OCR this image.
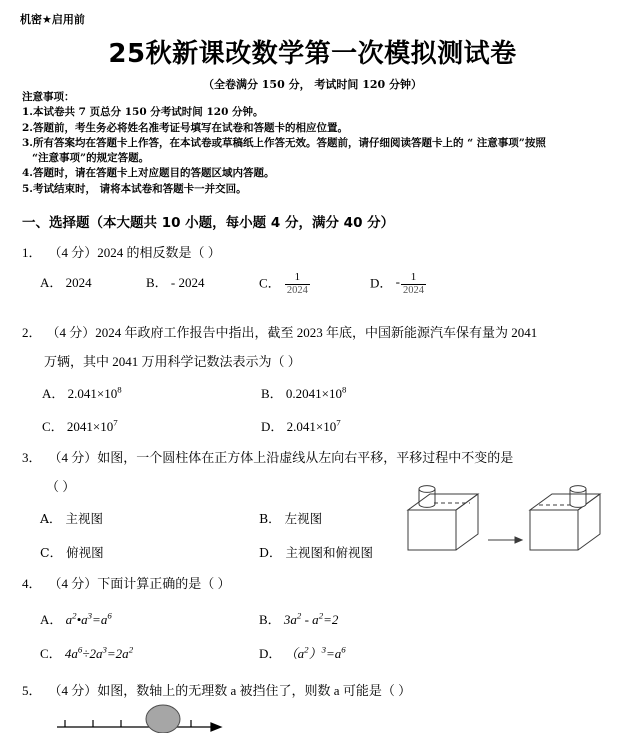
机密★启用前
25秋新课改数学第一次模拟测试卷
（全卷满分 150 分， 考试时间 120 分钟）
注意事项：
1.本试卷共 7 页总分 150 分考试时间 120 分钟。
2.答题前，考生务必将姓名准考证号填写在试卷和答题卡的相应位置。
3.所有答案均在答题卡上作答，在本试卷或草稿纸上作答无效。答题前，请仔细阅读答题卡上的 “ 注意事项”按照
“注意事项”的规定答题。
4.答题时，请在答题卡上对应题目的答题区域内答题。
5.考试结束时， 请将本试卷和答题卡一并交回。
一、选择题（本大题共 10 小题，每小题 4 分，满分 40 分）
1． （4 分）2024 的相反数是（ ）
A． 2024	B． - 2024	C． $\frac{1}{2024}$	D． - $\frac{1}{2024}$
2． （4 分）2024 年政府工作报告中指出，截至 2023 年底，中国新能源汽车保有量为 2041
万辆，其中 2041 万用科学记数法表示为（ ）
A． $2.041\times 10^8$	B． $0.2041\times 10^8$
C． $2041\times 10^7$	D． $2.041\times 10^7$
3． （4 分）如图，一个圆柱体在正方体上沿虚线从左向右平移，平移过程中不变的是
（ ）
A． 主视图	B． 左视图
C． 俯视图	D． 主视图和俯视图
4． （4 分）下面计算正确的是（ ）
A． $a^2•a^3=a^6$	B． $3a^2 - a^2=2$
C． $4a^6\div 2a^3=2a^2$	D． $(a^2)^3=a^6$
5． （4 分）如图，数轴上的无理数 a 被挡住了，则数 a 可能是（ ）
